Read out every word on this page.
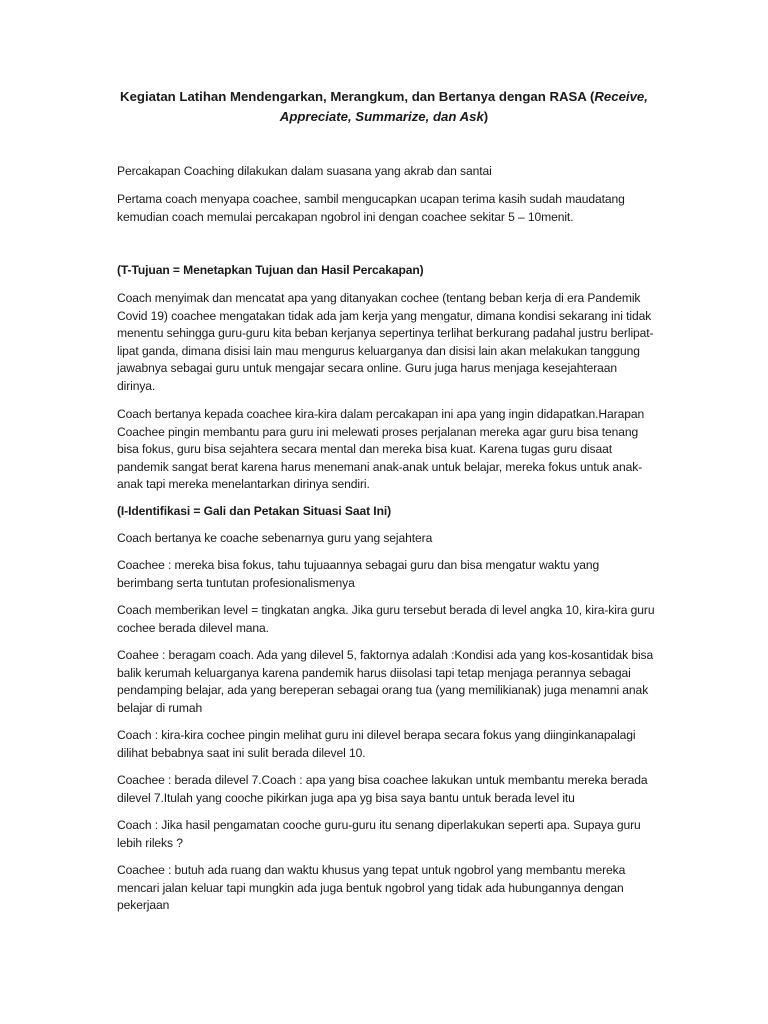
Kegiatan Latihan Mendengarkan, Merangkum, dan Bertanya dengan RASA (Receive, Appreciate, Summarize, dan Ask)
Percakapan Coaching dilakukan dalam suasana yang akrab dan santai
Pertama coach menyapa coachee, sambil mengucapkan ucapan terima kasih sudah maudatang kemudian coach memulai percakapan ngobrol ini dengan coachee sekitar 5 – 10menit.
(T-Tujuan = Menetapkan Tujuan dan Hasil Percakapan)
Coach menyimak dan mencatat apa yang ditanyakan cochee (tentang beban kerja di era Pandemik Covid 19) coachee mengatakan tidak ada jam kerja yang mengatur, dimana kondisi sekarang ini tidak menentu sehingga guru-guru kita beban kerjanya sepertinya terlihat berkurang padahal justru berlipat-lipat ganda, dimana disisi lain mau mengurus keluarganya dan disisi lain akan melakukan tanggung jawabnya sebagai guru untuk mengajar secara online. Guru juga harus menjaga kesejahteraan dirinya.
Coach bertanya kepada coachee kira-kira dalam percakapan ini apa yang ingin didapatkan.Harapan Coachee pingin membantu para guru ini melewati proses perjalanan mereka agar guru bisa tenang bisa fokus, guru bisa sejahtera secara mental dan mereka bisa kuat. Karena tugas guru disaat pandemik sangat berat karena harus menemani anak-anak untuk belajar, mereka fokus untuk anak-anak tapi mereka menelantarkan dirinya sendiri.
(I-Identifikasi = Gali dan Petakan Situasi Saat Ini)
Coach bertanya ke coache sebenarnya guru yang sejahtera
Coachee : mereka bisa fokus, tahu tujuaannya sebagai guru dan bisa mengatur waktu yang berimbang serta tuntutan profesionalismenya
Coach memberikan level = tingkatan angka. Jika guru tersebut berada di level angka 10, kira-kira guru cochee berada dilevel mana.
Coahee : beragam coach. Ada yang dilevel 5, faktornya adalah :Kondisi ada yang kos-kosantidak bisa balik kerumah keluarganya karena pandemik harus diisolasi tapi tetap menjaga perannya sebagai pendamping belajar, ada yang bereperan sebagai orang tua (yang memilikianak) juga menamni anak belajar di rumah
Coach : kira-kira cochee pingin melihat guru ini dilevel berapa secara fokus yang diinginkanapalagi dilihat bebabnya saat ini sulit berada dilevel 10.
Coachee : berada dilevel 7.Coach : apa yang bisa coachee lakukan untuk membantu mereka berada dilevel 7.Itulah yang cooche pikirkan juga apa yg bisa saya bantu untuk berada level itu
Coach : Jika hasil pengamatan cooche guru-guru itu senang diperlakukan seperti apa. Supaya guru lebih rileks ?
Coachee : butuh ada ruang dan waktu khusus yang tepat untuk ngobrol yang membantu mereka mencari jalan keluar tapi mungkin ada juga bentuk ngobrol yang tidak ada hubungannya dengan pekerjaan
